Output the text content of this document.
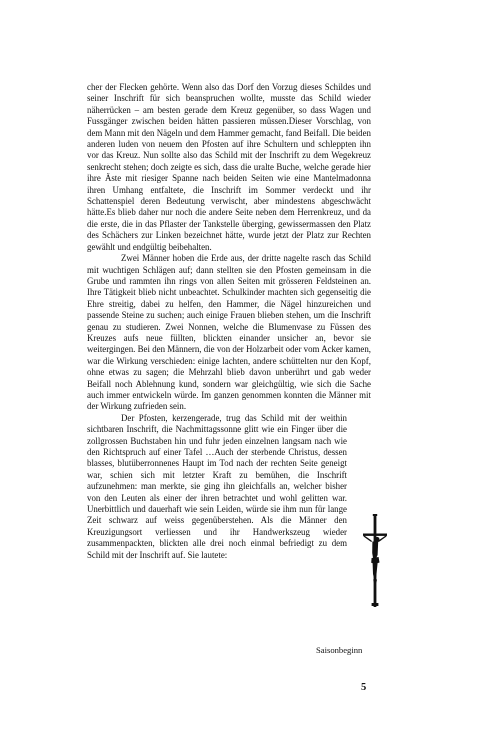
cher der Flecken gehörte. Wenn also das Dorf den Vorzug dieses Schildes und seiner Inschrift für sich beanspruchen wollte, musste das Schild wieder näherrücken – am besten gerade dem Kreuz gegenüber, so dass Wagen und Fussgänger zwischen beiden hätten passieren müssen.Dieser Vorschlag, von dem Mann mit den Nägeln und dem Hammer gemacht, fand Beifall. Die beiden anderen luden von neuem den Pfosten auf ihre Schultern und schleppten ihn vor das Kreuz. Nun sollte also das Schild mit der Inschrift zu dem Wegekreuz senkrecht stehen; doch zeigte es sich, dass die uralte Buche, welche gerade hier ihre Äste mit riesiger Spanne nach beiden Seiten wie eine Mantelmadonna ihren Umhang entfaltete, die Inschrift im Sommer verdeckt und ihr Schattenspiel deren Bedeutung verwischt, aber mindestens abgeschwächt hätte.Es blieb daher nur noch die andere Seite neben dem Herrenkreuz, und da die erste, die in das Pflaster der Tankstelle überging, gewissermassen den Platz des Schächers zur Linken bezeichnet hätte, wurde jetzt der Platz zur Rechten gewählt und endgültig beibehalten.

Zwei Männer hoben die Erde aus, der dritte nagelte rasch das Schild mit wuchtigen Schlägen auf; dann stellten sie den Pfosten gemeinsam in die Grube und rammten ihn rings von allen Seiten mit grösseren Feldsteinen an. Ihre Tätigkeit blieb nicht unbeachtet. Schulkinder machten sich gegenseitig die Ehre streitig, dabei zu helfen, den Hammer, die Nägel hinzureichen und passende Steine zu suchen; auch einige Frauen blieben stehen, um die Inschrift genau zu studieren. Zwei Nonnen, welche die Blumenvase zu Füssen des Kreuzes aufs neue füllten, blickten einander unsicher an, bevor sie weitergingen. Bei den Männern, die von der Holzarbeit oder vom Acker kamen, war die Wirkung verschieden: einige lachten, andere schüttelten nur den Kopf, ohne etwas zu sagen; die Mehrzahl blieb davon unberührt und gab weder Beifall noch Ablehnung kund, sondern war gleichgültig, wie sich die Sache auch immer entwickeln würde. Im ganzen genommen konnten die Männer mit der Wirkung zufrieden sein.

Der Pfosten, kerzengerade, trug das Schild mit der weithin sichtbaren Inschrift, die Nachmittagssonne glitt wie ein Finger über die zollgrossen Buchstaben hin und fuhr jeden einzelnen langsam nach wie den Richtspruch auf einer Tafel …Auch der sterbende Christus, dessen blasses, blutüberronnenes Haupt im Tod nach der rechten Seite geneigt war, schien sich mit letzter Kraft zu bemühen, die Inschrift aufzunehmen: man merkte, sie ging ihn gleichfalls an, welcher bisher von den Leuten als einer der ihren betrachtet und wohl gelitten war. Unerbittlich und dauerhaft wie sein Leiden, würde sie ihm nun für lange Zeit schwarz auf weiss gegenüberstehen. Als die Männer den Kreuzigungsort verliessen und ihr Handwerkszeug wieder zusammenpackten, blickten alle drei noch einmal befriedigt zu dem Schild mit der Inschrift auf. Sie lautete:

Saisonbeginn
5
